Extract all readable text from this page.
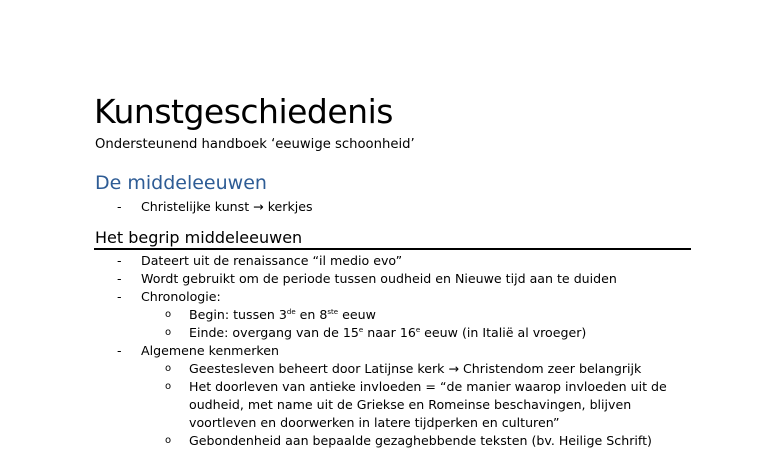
Kunstgeschiedenis
Ondersteunend handboek ‘eeuwige schoonheid’
De middeleeuwen
- Christelijke kunst → kerkjes
Het begrip middeleeuwen
- Dateert uit de renaissance “il medio evo”
- Wordt gebruikt om de periode tussen oudheid en Nieuwe tijd aan te duiden
- Chronologie:
o Begin: tussen 3de en 8ste eeuw
o Einde: overgang van de 15e naar 16e eeuw (in Italië al vroeger)
- Algemene kenmerken
o Geestesleven beheert door Latijnse kerk → Christendom zeer belangrijk
o Het doorleven van antieke invloeden = “de manier waarop invloeden uit de
oudheid, met name uit de Griekse en Romeinse beschavingen, blijven
voortleven en doorwerken in latere tijdperken en culturen”
o Gebondenheid aan bepaalde gezaghebbende teksten (bv. Heilige Schrift)
